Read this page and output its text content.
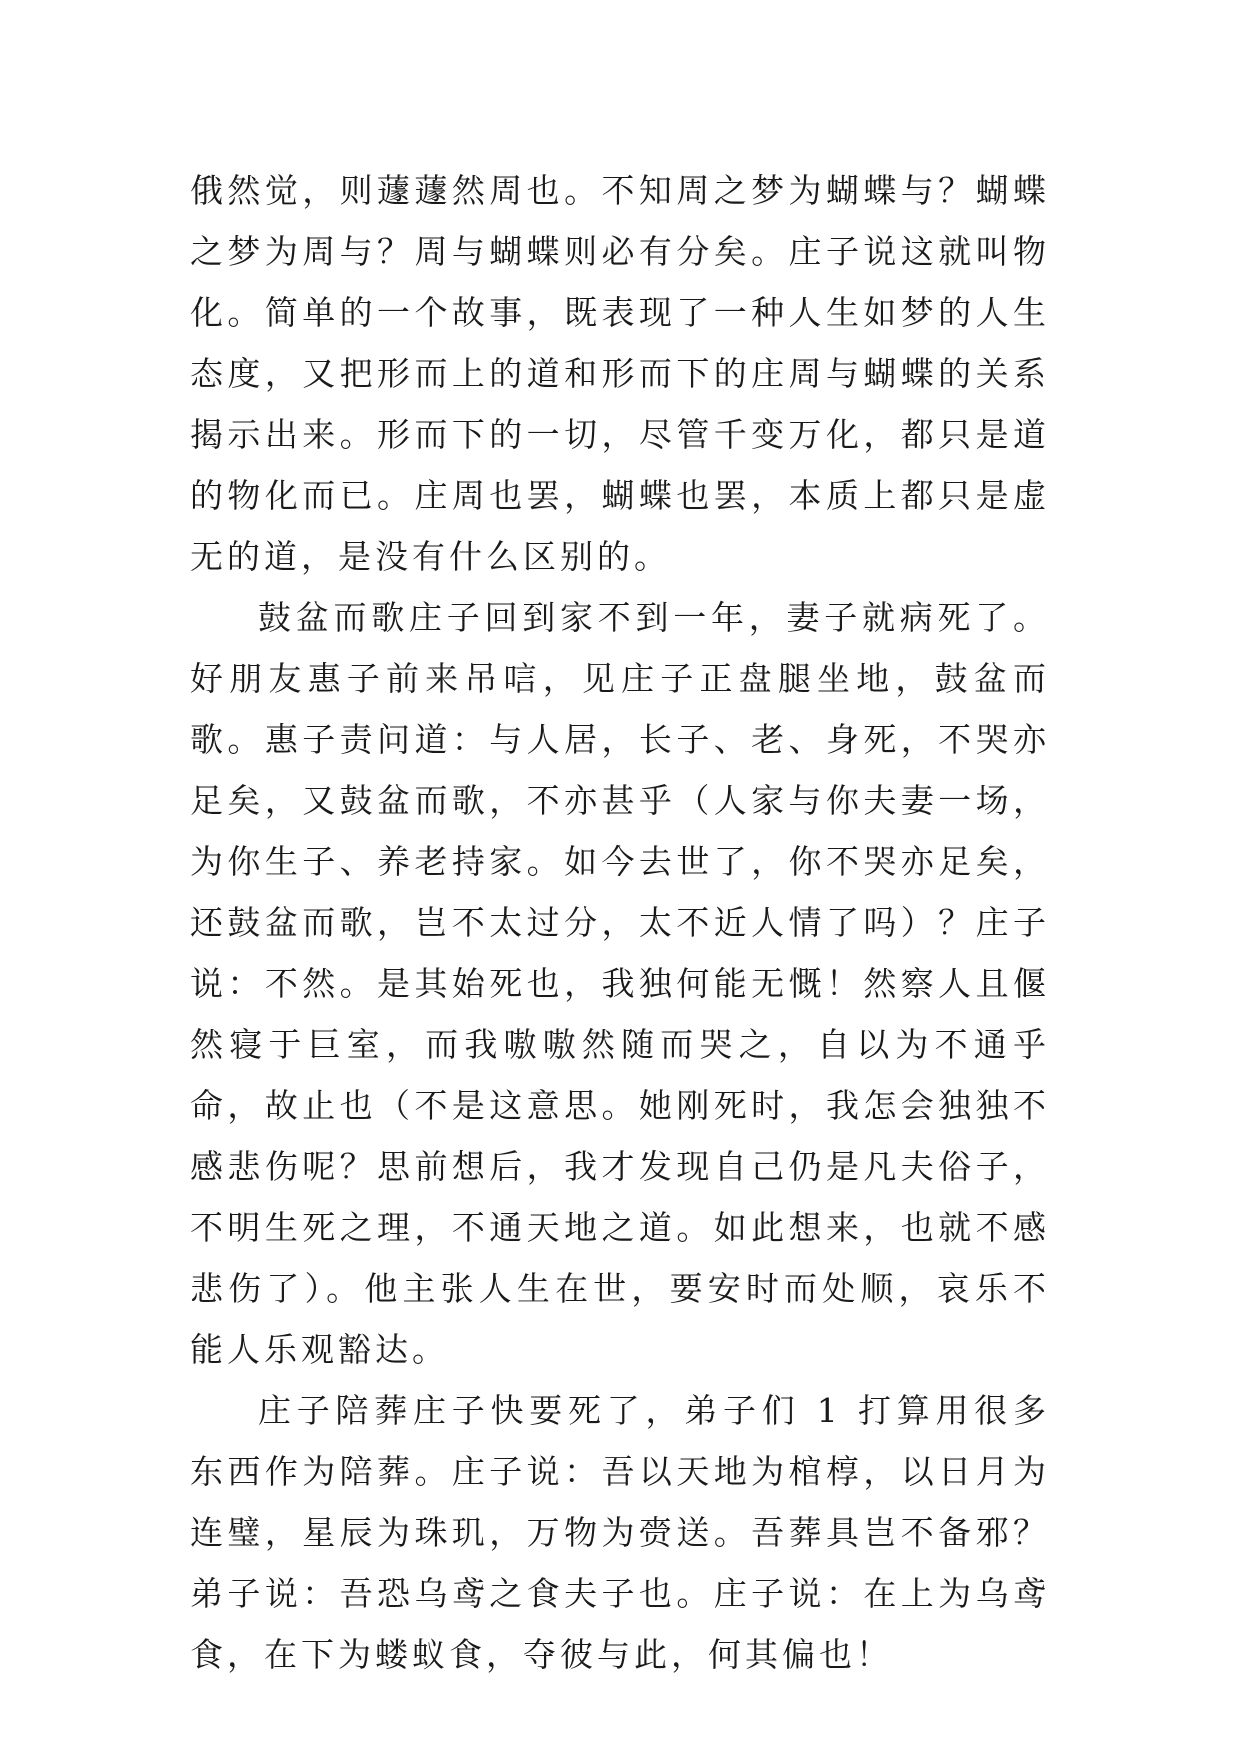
俄然觉，则蘧蘧然周也。不知周之梦为蝴蝶与？蝴蝶之梦为周与？周与蝴蝶则必有分矣。庄子说这就叫物化。简单的一个故事，既表现了一种人生如梦的人生态度，又把形而上的道和形而下的庄周与蝴蝶的关系揭示出来。形而下的一切，尽管千变万化，都只是道的物化而已。庄周也罢，蝴蝶也罢，本质上都只是虚无的道，是没有什么区别的。

鼓盆而歌庄子回到家不到一年，妻子就病死了。好朋友惠子前来吊唁，见庄子正盘腿坐地，鼓盆而歌。惠子责问道：与人居，长子、老、身死，不哭亦足矣，又鼓盆而歌，不亦甚乎（人家与你夫妻一场，为你生子、养老持家。如今去世了，你不哭亦足矣，还鼓盆而歌，岂不太过分，太不近人情了吗）？庄子说：不然。是其始死也，我独何能无慨！然察人且偃然寝于巨室，而我嗷嗷然随而哭之，自以为不通乎命，故止也（不是这意思。她刚死时，我怎会独独不感悲伤呢？思前想后，我才发现自己仍是凡夫俗子，不明生死之理，不通天地之道。如此想来，也就不感悲伤了）。他主张人生在世，要安时而处顺，哀乐不能人乐观豁达。

庄子陪葬庄子快要死了，弟子们 1 打算用很多东西作为陪葬。庄子说：吾以天地为棺椁，以日月为连璧，星辰为珠玑，万物为赍送。吾葬具岂不备邪？弟子说：吾恐乌鸢之食夫子也。庄子说：在上为乌鸢食，在下为蝼蚁食，夺彼与此，何其偏也！
